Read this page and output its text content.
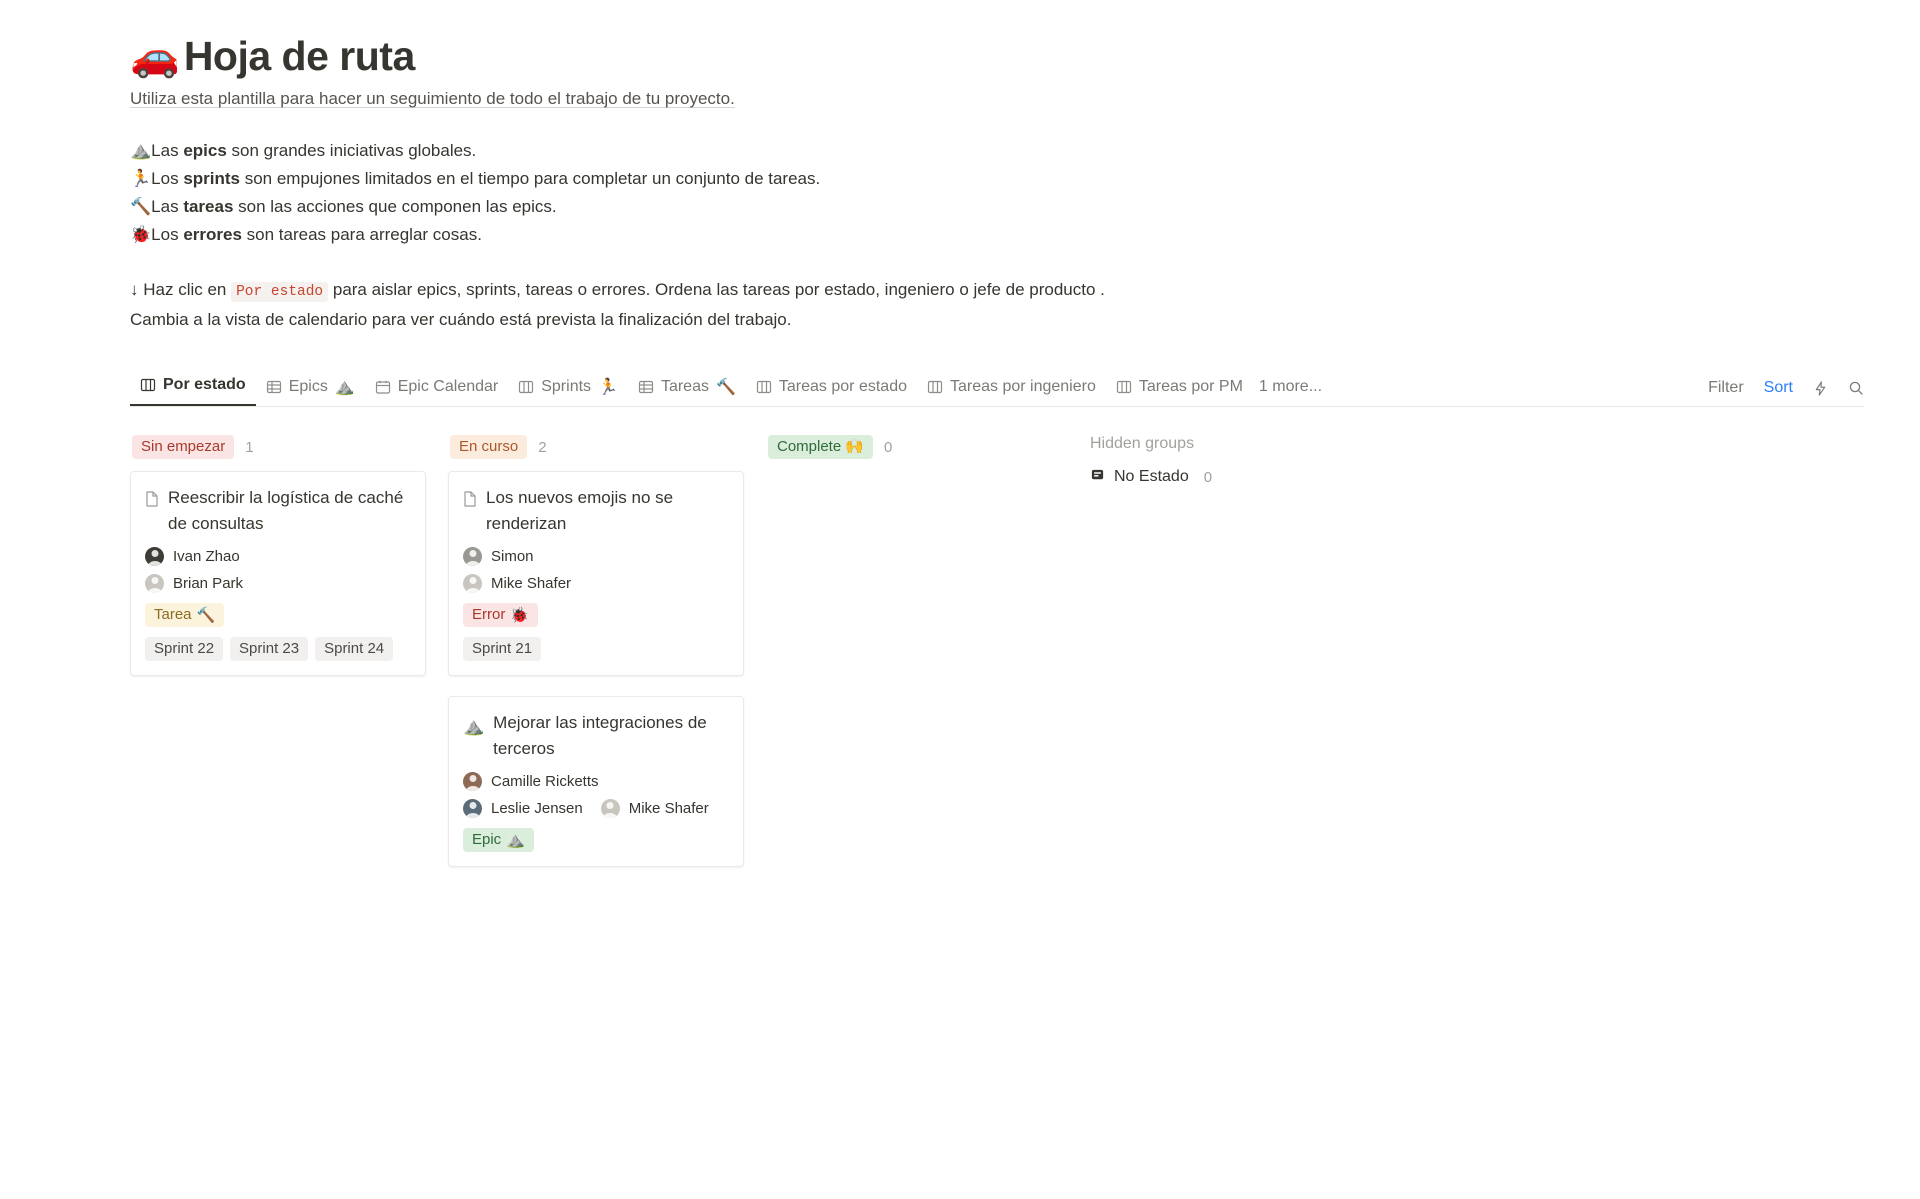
🚗 Hoja de ruta
Utiliza esta plantilla para hacer un seguimiento de todo el trabajo de tu proyecto.
⛰️Las epics son grandes iniciativas globales.
🏃Los sprints son empujones limitados en el tiempo para completar un conjunto de tareas.
🔨Las tareas son las acciones que componen las epics.
🐞Los errores son tareas para arreglar cosas.
↓ Haz clic en Por estado para aislar epics, sprints, tareas o errores. Ordena las tareas por estado, ingeniero o jefe de producto . Cambia a la vista de calendario para ver cuándo está prevista la finalización del trabajo.
Por estado	Epics ⛰️	Epic Calendar	Sprints 🏃	Tareas 🔨	Tareas por estado	Tareas por ingeniero	Tareas por PM	1 more...	Filter Sort
Sin empezar	1
Reescribir la logística de caché de consultas
Ivan Zhao
Brian Park
Tarea 🔨
Sprint 22	Sprint 23	Sprint 24
En curso	2
Los nuevos emojis no se renderizan
Simon
Mike Shafer
Error 🐞
Sprint 21
⛰️ Mejorar las integraciones de terceros
Camille Ricketts
Leslie Jensen	Mike Shafer
Epic ⛰️
Complete 🙌	0	Hidden groups
No Estado 0
